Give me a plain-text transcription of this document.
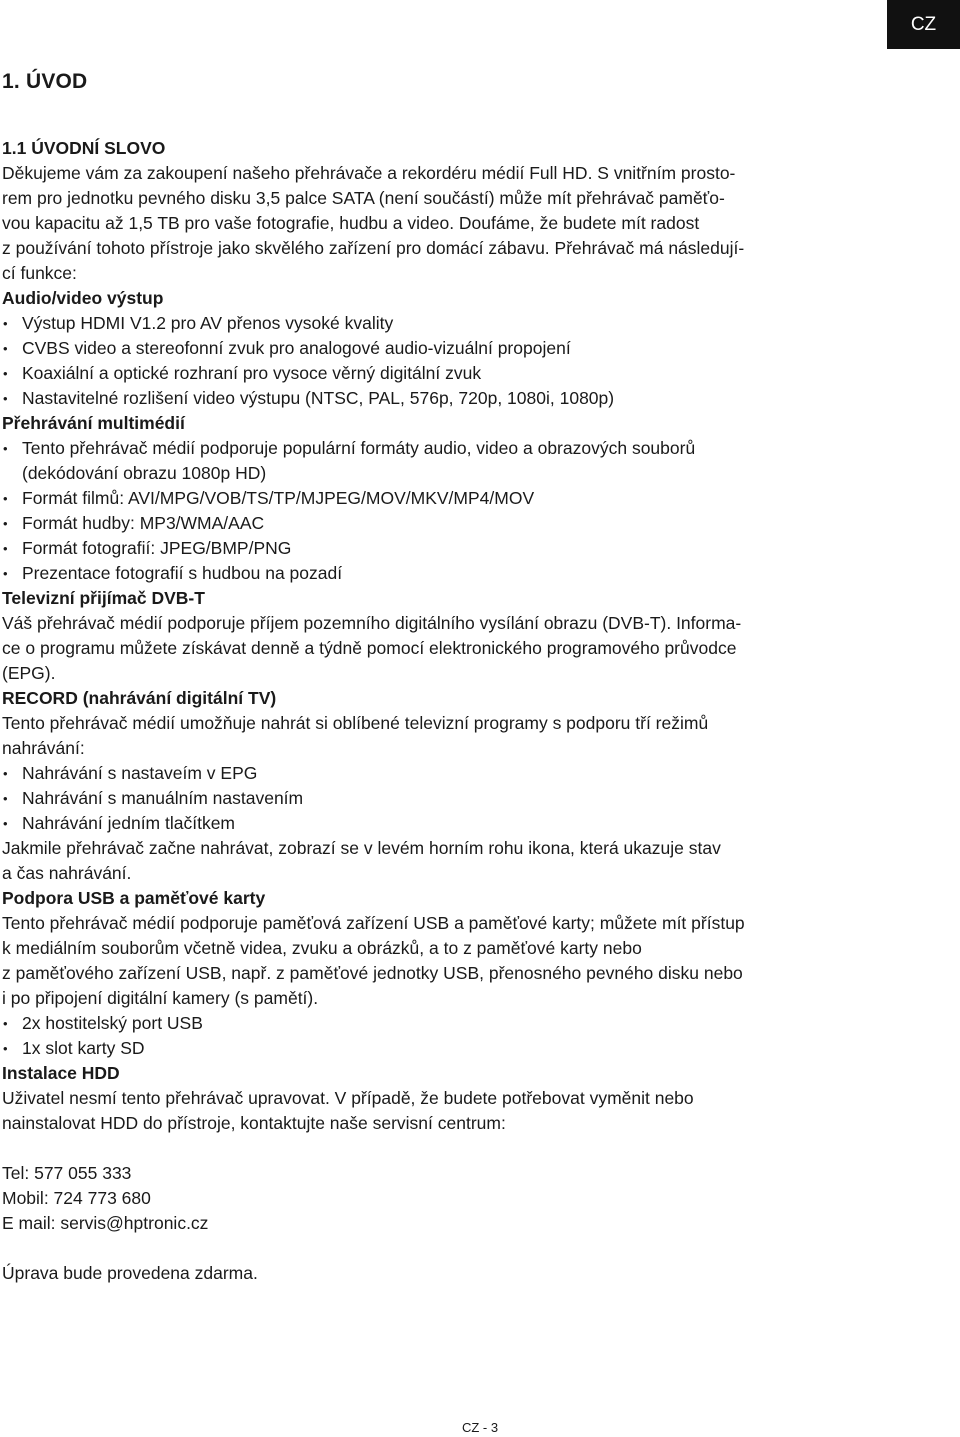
CZ
1. ÚVOD

1.1 ÚVODNÍ SLOVO

Děkujeme vám za zakoupení našeho přehrávače a rekordéru médií Full HD. S vnitřním prosto-

rem pro jednotku pevného disku 3,5 palce SATA (není součástí) může mít přehrávač paměťo-

vou kapacitu až 1,5 TB pro vaše fotografie, hudbu a video. Doufáme, že budete mít radost

z používání tohoto přístroje jako skvělého zařízení pro domácí zábavu. Přehrávač má následují-

cí funkce:

Audio/video výstup

• Výstup HDMI V1.2 pro AV přenos vysoké kvality
• CVBS video a stereofonní zvuk pro analogové audio-vizuální propojení
• Koaxiální a optické rozhraní pro vysoce věrný digitální zvuk
• Nastavitelné rozlišení video výstupu (NTSC, PAL, 576p, 720p, 1080i, 1080p)

Přehrávání multimédií

• Tento přehrávač médií podporuje populární formáty audio, video a obrazových souborů
(dekódování obrazu 1080p HD)
• Formát filmů: AVI/MPG/VOB/TS/TP/MJPEG/MOV/MKV/MP4/MOV
• Formát hudby: MP3/WMA/AAC
• Formát fotografií: JPEG/BMP/PNG
• Prezentace fotografií s hudbou na pozadí

Televizní přijímač DVB-T

Váš přehrávač médií podporuje příjem pozemního digitálního vysílání obrazu (DVB-T). Informa-

ce o programu můžete získávat denně a týdně pomocí elektronického programového průvodce

(EPG).

RECORD (nahrávání digitální TV)

Tento přehrávač médií umožňuje nahrát si oblíbené televizní programy s podporu tří režimů

nahrávání:

• Nahrávání s nastaveím v EPG
• Nahrávání s manuálním nastavením
• Nahrávání jedním tlačítkem

Jakmile přehrávač začne nahrávat, zobrazí se v levém horním rohu ikona, která ukazuje stav

a čas nahrávání.

Podpora USB a paměťové karty

Tento přehrávač médií podporuje paměťová zařízení USB a paměťové karty; můžete mít přístup

k mediálním souborům včetně videa, zvuku a obrázků, a to z paměťové karty nebo

z paměťového zařízení USB, např. z paměťové jednotky USB, přenosného pevného disku nebo

i po připojení digitální kamery (s pamětí).

• 2x hostitelský port USB
• 1x slot karty SD

Instalace HDD

Uživatel nesmí tento přehrávač upravovat. V případě, že budete potřebovat vyměnit nebo

nainstalovat HDD do přístroje, kontaktujte naše servisní centrum:

Tel: 577 055 333

Mobil: 724 773 680

E mail: servis@hptronic.cz

Úprava bude provedena zdarma.

CZ - 3
